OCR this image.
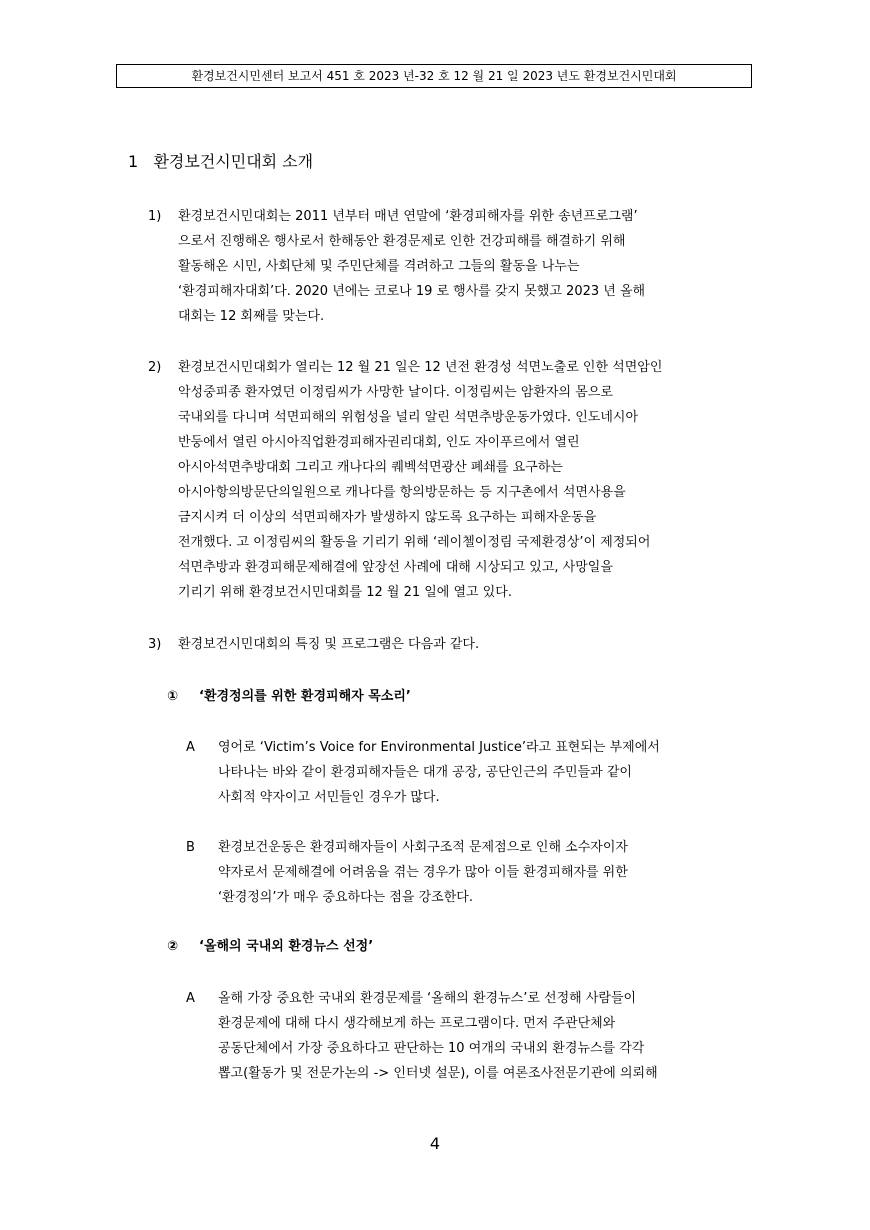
환경보건시민센터 보고서 451 호 2023 년-32 호 12 월 21 일 2023 년도 환경보건시민대회
1 환경보건시민대회 소개
1) 환경보건시민대회는 2011 년부터 매년 연말에 ‘환경피해자를 위한 송년프로그램’
으로서 진행해온 행사로서 한해동안 환경문제로 인한 건강피해를 해결하기 위해
활동해온 시민, 사회단체 및 주민단체를 격려하고 그들의 활동을 나누는
‘환경피해자대회’다. 2020 년에는 코로나 19 로 행사를 갖지 못했고 2023 년 올해
대회는 12 회째를 맞는다.
2) 환경보건시민대회가 열리는 12 월 21 일은 12 년전 환경성 석면노출로 인한 석면암인
악성중피종 환자였던 이정림씨가 사망한 날이다. 이정림씨는 암환자의 몸으로
국내외를 다니며 석면피해의 위험성을 널리 알린 석면추방운동가였다. 인도네시아
반둥에서 열린 아시아직업환경피해자권리대회, 인도 자이푸르에서 열린
아시아석면추방대회 그리고 캐나다의 퀘벡석면광산 폐쇄를 요구하는
아시아항의방문단의일원으로 캐나다를 항의방문하는 등 지구촌에서 석면사용을
금지시켜 더 이상의 석면피해자가 발생하지 않도록 요구하는 피해자운동을
전개했다. 고 이정림씨의 활동을 기리기 위해 ‘레이첼이정림 국제환경상’이 제정되어
석면추방과 환경피해문제해결에 앞장선 사례에 대해 시상되고 있고, 사망일을
기리기 위해 환경보건시민대회를 12 월 21 일에 열고 있다.
3) 환경보건시민대회의 특징 및 프로그램은 다음과 같다.
① ‘환경정의를 위한 환경피해자 목소리’
A 영어로 ‘Victim’s Voice for Environmental Justice’라고 표현되는 부제에서
나타나는 바와 같이 환경피해자들은 대개 공장, 공단인근의 주민들과 같이
사회적 약자이고 서민들인 경우가 많다.
B 환경보건운동은 환경피해자들이 사회구조적 문제점으로 인해 소수자이자
약자로서 문제해결에 어려움을 겪는 경우가 많아 이들 환경피해자를 위한
‘환경정의’가 매우 중요하다는 점을 강조한다.
② ‘올해의 국내외 환경뉴스 선정’
A 올해 가장 중요한 국내외 환경문제를 ‘올해의 환경뉴스’로 선정해 사람들이
환경문제에 대해 다시 생각해보게 하는 프로그램이다. 먼저 주관단체와
공동단체에서 가장 중요하다고 판단하는 10 여개의 국내외 환경뉴스를 각각
뽑고(활동가 및 전문가논의 -> 인터넷 설문), 이를 여론조사전문기관에 의뢰해
4
